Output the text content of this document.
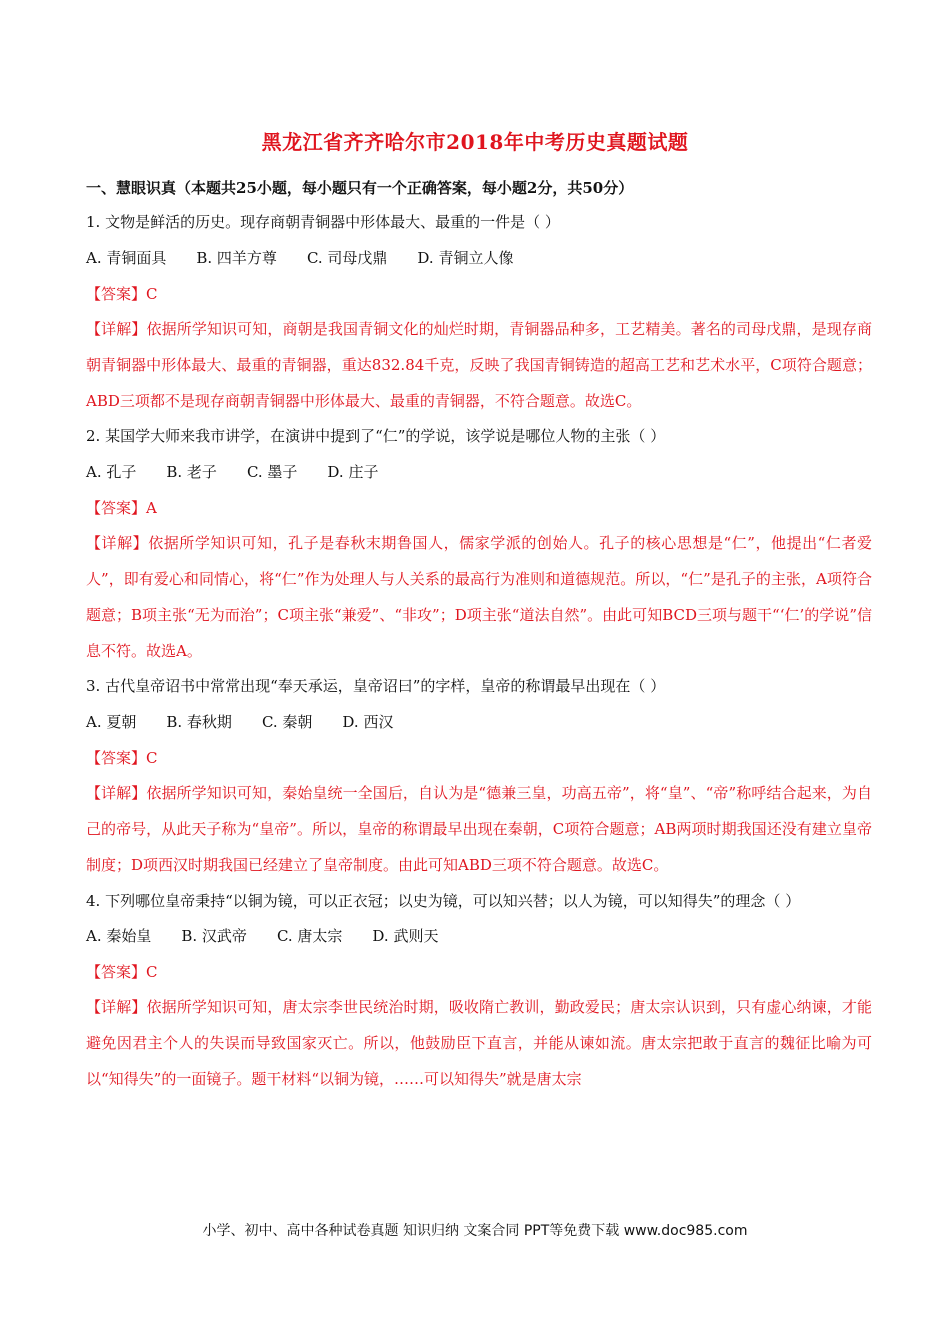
黑龙江省齐齐哈尔市2018年中考历史真题试题
一、慧眼识真（本题共25小题，每小题只有一个正确答案，每小题2分，共50分）
1. 文物是鲜活的历史。现存商朝青铜器中形体最大、最重的一件是（ ）
A. 青铜面具 B. 四羊方尊 C. 司母戊鼎 D. 青铜立人像
【答案】C
【详解】依据所学知识可知，商朝是我国青铜文化的灿烂时期，青铜器品种多，工艺精美。著名的司母戊鼎，是现存商朝青铜器中形体最大、最重的青铜器，重达832.84千克，反映了我国青铜铸造的超高工艺和艺术水平，C项符合题意；ABD三项都不是现存商朝青铜器中形体最大、最重的青铜器，不符合题意。故选C。
2. 某国学大师来我市讲学，在演讲中提到了“仁”的学说，该学说是哪位人物的主张（ ）
A. 孔子 B. 老子 C. 墨子 D. 庄子
【答案】A
【详解】依据所学知识可知，孔子是春秋末期鲁国人，儒家学派的创始人。孔子的核心思想是“仁”，他提出“仁者爱人”，即有爱心和同情心，将“仁”作为处理人与人关系的最高行为准则和道德规范。所以，“仁”是孔子的主张，A项符合题意；B项主张“无为而治”；C项主张“兼爱”、“非攻”；D项主张“道法自然”。由此可知BCD三项与题干“‘仁’的学说”信息不符。故选A。
3. 古代皇帝诏书中常常出现“奉天承运，皇帝诏曰”的字样，皇帝的称谓最早出现在（ ）
A. 夏朝 B. 春秋期 C. 秦朝 D. 西汉
【答案】C
【详解】依据所学知识可知，秦始皇统一全国后，自认为是“德兼三皇，功高五帝”，将“皇”、“帝”称呼结合起来，为自己的帝号，从此天子称为“皇帝”。所以，皇帝的称谓最早出现在秦朝，C项符合题意；AB两项时期我国还没有建立皇帝制度；D项西汉时期我国已经建立了皇帝制度。由此可知ABD三项不符合题意。故选C。
4. 下列哪位皇帝秉持“以铜为镜，可以正衣冠；以史为镜，可以知兴替；以人为镜，可以知得失”的理念（ ）
A. 秦始皇 B. 汉武帝 C. 唐太宗 D. 武则天
【答案】C
【详解】依据所学知识可知，唐太宗李世民统治时期，吸收隋亡教训，勤政爱民；唐太宗认识到，只有虚心纳谏，才能避免因君主个人的失误而导致国家灭亡。所以，他鼓励臣下直言，并能从谏如流。唐太宗把敢于直言的魏征比喻为可以“知得失”的一面镜子。题干材料“以铜为镜，……可以知得失”就是唐太宗
小学、初中、高中各种试卷真题 知识归纳 文案合同 PPT等免费下载 www.doc985.com
